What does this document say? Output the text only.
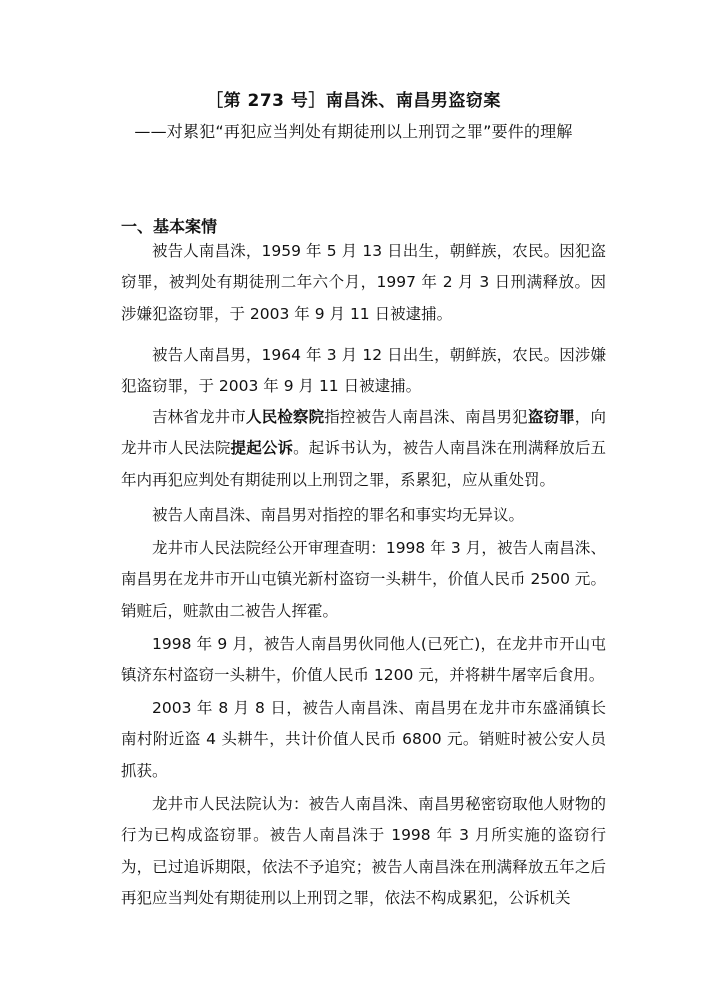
［第 273 号］南昌洙、南昌男盗窃案
——对累犯“再犯应当判处有期徒刑以上刑罚之罪”要件的理解
一、基本案情

被告人南昌洙，1959 年 5 月 13 日出生，朝鲜族，农民。因犯盗窃罪，被判处有期徒刑二年六个月，1997 年 2 月 3 日刑满释放。因涉嫌犯盗窃罪，于 2003 年 9 月 11 日被逮捕。

被告人南昌男，1964 年 3 月 12 日出生，朝鲜族，农民。因涉嫌犯盗窃罪，于 2003 年 9 月 11 日被逮捕。

吉林省龙井市人民检察院指控被告人南昌洙、南昌男犯盗窃罪，向龙井市人民法院提起公诉。起诉书认为，被告人南昌洙在刑满释放后五年内再犯应判处有期徒刑以上刑罚之罪，系累犯，应从重处罚。

被告人南昌洙、南昌男对指控的罪名和事实均无异议。

龙井市人民法院经公开审理查明：1998 年 3 月，被告人南昌洙、南昌男在龙井市开山屯镇光新村盗窃一头耕牛，价值人民币 2500 元。销赃后，赃款由二被告人挥霍。

1998 年 9 月，被告人南昌男伙同他人(已死亡)，在龙井市开山屯镇济东村盗窃一头耕牛，价值人民币 1200 元，并将耕牛屠宰后食用。

2003 年 8 月 8 日，被告人南昌洙、南昌男在龙井市东盛涌镇长南村附近盗 4 头耕牛，共计价值人民币 6800 元。销赃时被公安人员抓获。

龙井市人民法院认为：被告人南昌洙、南昌男秘密窃取他人财物的行为已构成盗窃罪。被告人南昌洙于 1998 年 3 月所实施的盗窃行为，已过追诉期限，依法不予追究；被告人南昌洙在刑满释放五年之后再犯应当判处有期徒刑以上刑罚之罪，依法不构成累犯，公诉机关
